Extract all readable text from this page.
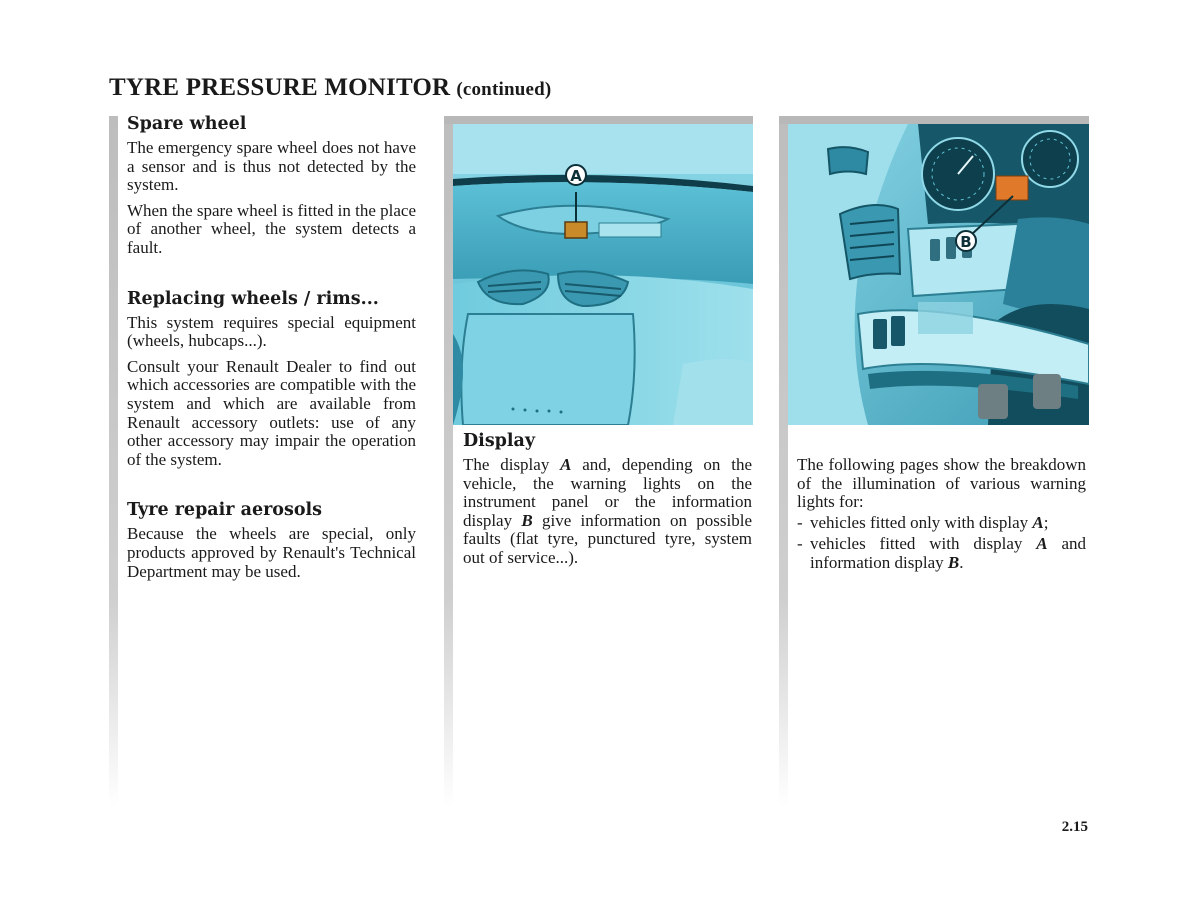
TYRE PRESSURE MONITOR (continued)
Spare wheel

The emergency spare wheel does not have a sensor and is thus not detected by the system.

When the spare wheel is fitted in the place of another wheel, the system detects a fault.

Replacing wheels / rims...

This system requires special equipment (wheels, hubcaps...).

Consult your Renault Dealer to find out which accessories are compatible with the system and which are available from Renault accessory outlets: use of any other accessory may impair the operation of the system.

Tyre repair aerosols

Because the wheels are special, only products approved by Renault's Technical Department may be used.

A
B
Display

The display A and, depending on the vehicle, the warning lights on the instrument panel or the information display B give information on possible faults (flat tyre, punctured tyre, system out of service...).

The following pages show the breakdown of the illumination of various warning lights for:

- vehicles fitted only with display A;
- vehicles fitted with display A and information display B.
2.15
